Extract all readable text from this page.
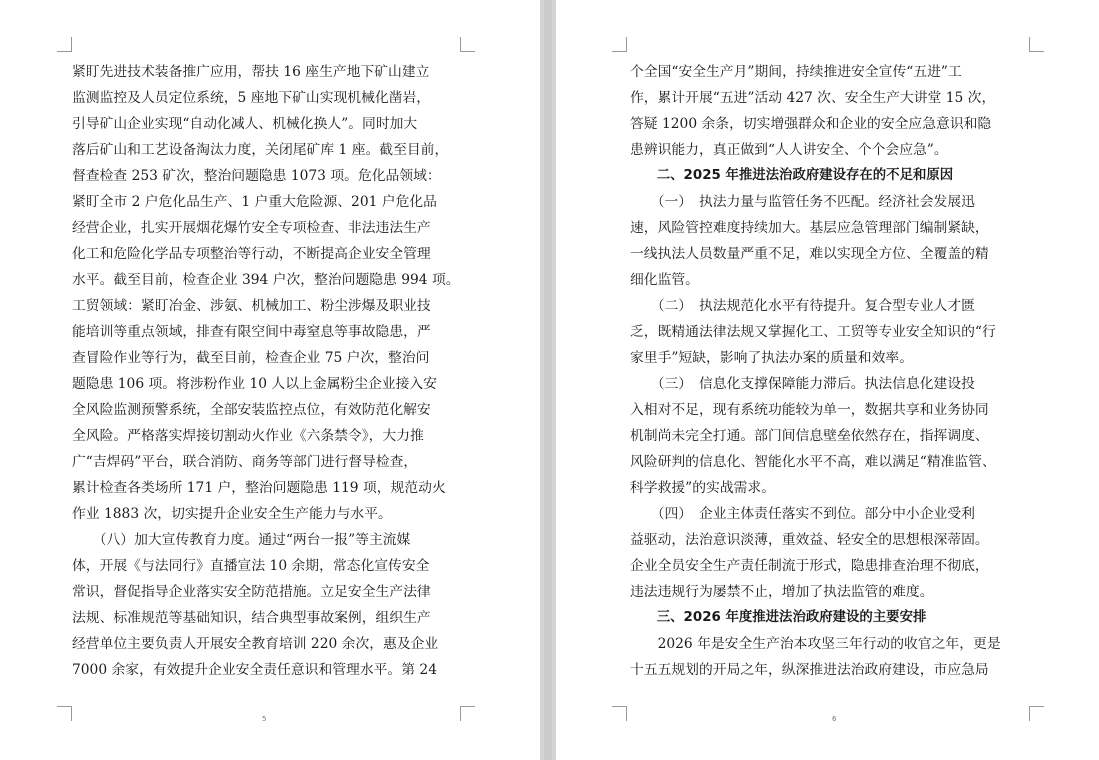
紧盯先进技术装备推广应用，帮扶 16 座生产地下矿山建立
监测监控及人员定位系统，5 座地下矿山实现机械化凿岩，
引导矿山企业实现“自动化减人、机械化换人”。同时加大
落后矿山和工艺设备淘汰力度，关闭尾矿库 1 座。截至目前，
督查检查 253 矿次，整治问题隐患 1073 项。危化品领域：
紧盯全市 2 户危化品生产、1 户重大危险源、201 户危化品
经营企业，扎实开展烟花爆竹安全专项检查、非法违法生产
化工和危险化学品专项整治等行动，不断提高企业安全管理
水平。截至目前，检查企业 394 户次，整治问题隐患 994 项。
工贸领域：紧盯冶金、涉氨、机械加工、粉尘涉爆及职业技
能培训等重点领域，排查有限空间中毒窒息等事故隐患，严
查冒险作业等行为，截至目前，检查企业 75 户次，整治问
题隐患 106 项。将涉粉作业 10 人以上金属粉尘企业接入安
全风险监测预警系统，全部安装监控点位，有效防范化解安
全风险。严格落实焊接切割动火作业《六条禁令》，大力推
广“吉焊码”平台，联合消防、商务等部门进行督导检查，
累计检查各类场所 171 户，整治问题隐患 119 项，规范动火
作业 1883 次，切实提升企业安全生产能力与水平。
　　（八）加大宣传教育力度。通过“两台一报”等主流媒
体，开展《与法同行》直播宣法 10 余期，常态化宣传安全
常识，督促指导企业落实安全防范措施。立足安全生产法律
法规、标准规范等基础知识，结合典型事故案例，组织生产
经营单位主要负责人开展安全教育培训 220 余次，惠及企业
7000 余家，有效提升企业安全责任意识和管理水平。第 24
5
个全国“安全生产月”期间，持续推进安全宣传“五进”工
作，累计开展“五进”活动 427 次、安全生产大讲堂 15 次，
答疑 1200 余条，切实增强群众和企业的安全应急意识和隐
患辨识能力，真正做到“人人讲安全、个个会应急”。
　　二、2025 年推进法治政府建设存在的不足和原因
　　（一）　执法力量与监管任务不匹配。经济社会发展迅
速，风险管控难度持续加大。基层应急管理部门编制紧缺，
一线执法人员数量严重不足，难以实现全方位、全覆盖的精
细化监管。
　　（二）　执法规范化水平有待提升。复合型专业人才匮
乏，既精通法律法规又掌握化工、工贸等专业安全知识的“行
家里手”短缺，影响了执法办案的质量和效率。
　　（三）　信息化支撑保障能力滞后。执法信息化建设投
入相对不足，现有系统功能较为单一，数据共享和业务协同
机制尚未完全打通。部门间信息壁垒依然存在，指挥调度、
风险研判的信息化、智能化水平不高，难以满足“精准监管、
科学救援”的实战需求。
　　（四）　企业主体责任落实不到位。部分中小企业受利
益驱动，法治意识淡薄，重效益、轻安全的思想根深蒂固。
企业全员安全生产责任制流于形式，隐患排查治理不彻底，
违法违规行为屡禁不止，增加了执法监管的难度。
　　三、2026 年度推进法治政府建设的主要安排
　　2026 年是安全生产治本攻坚三年行动的收官之年，更是
十五五规划的开局之年，纵深推进法治政府建设，市应急局
6
